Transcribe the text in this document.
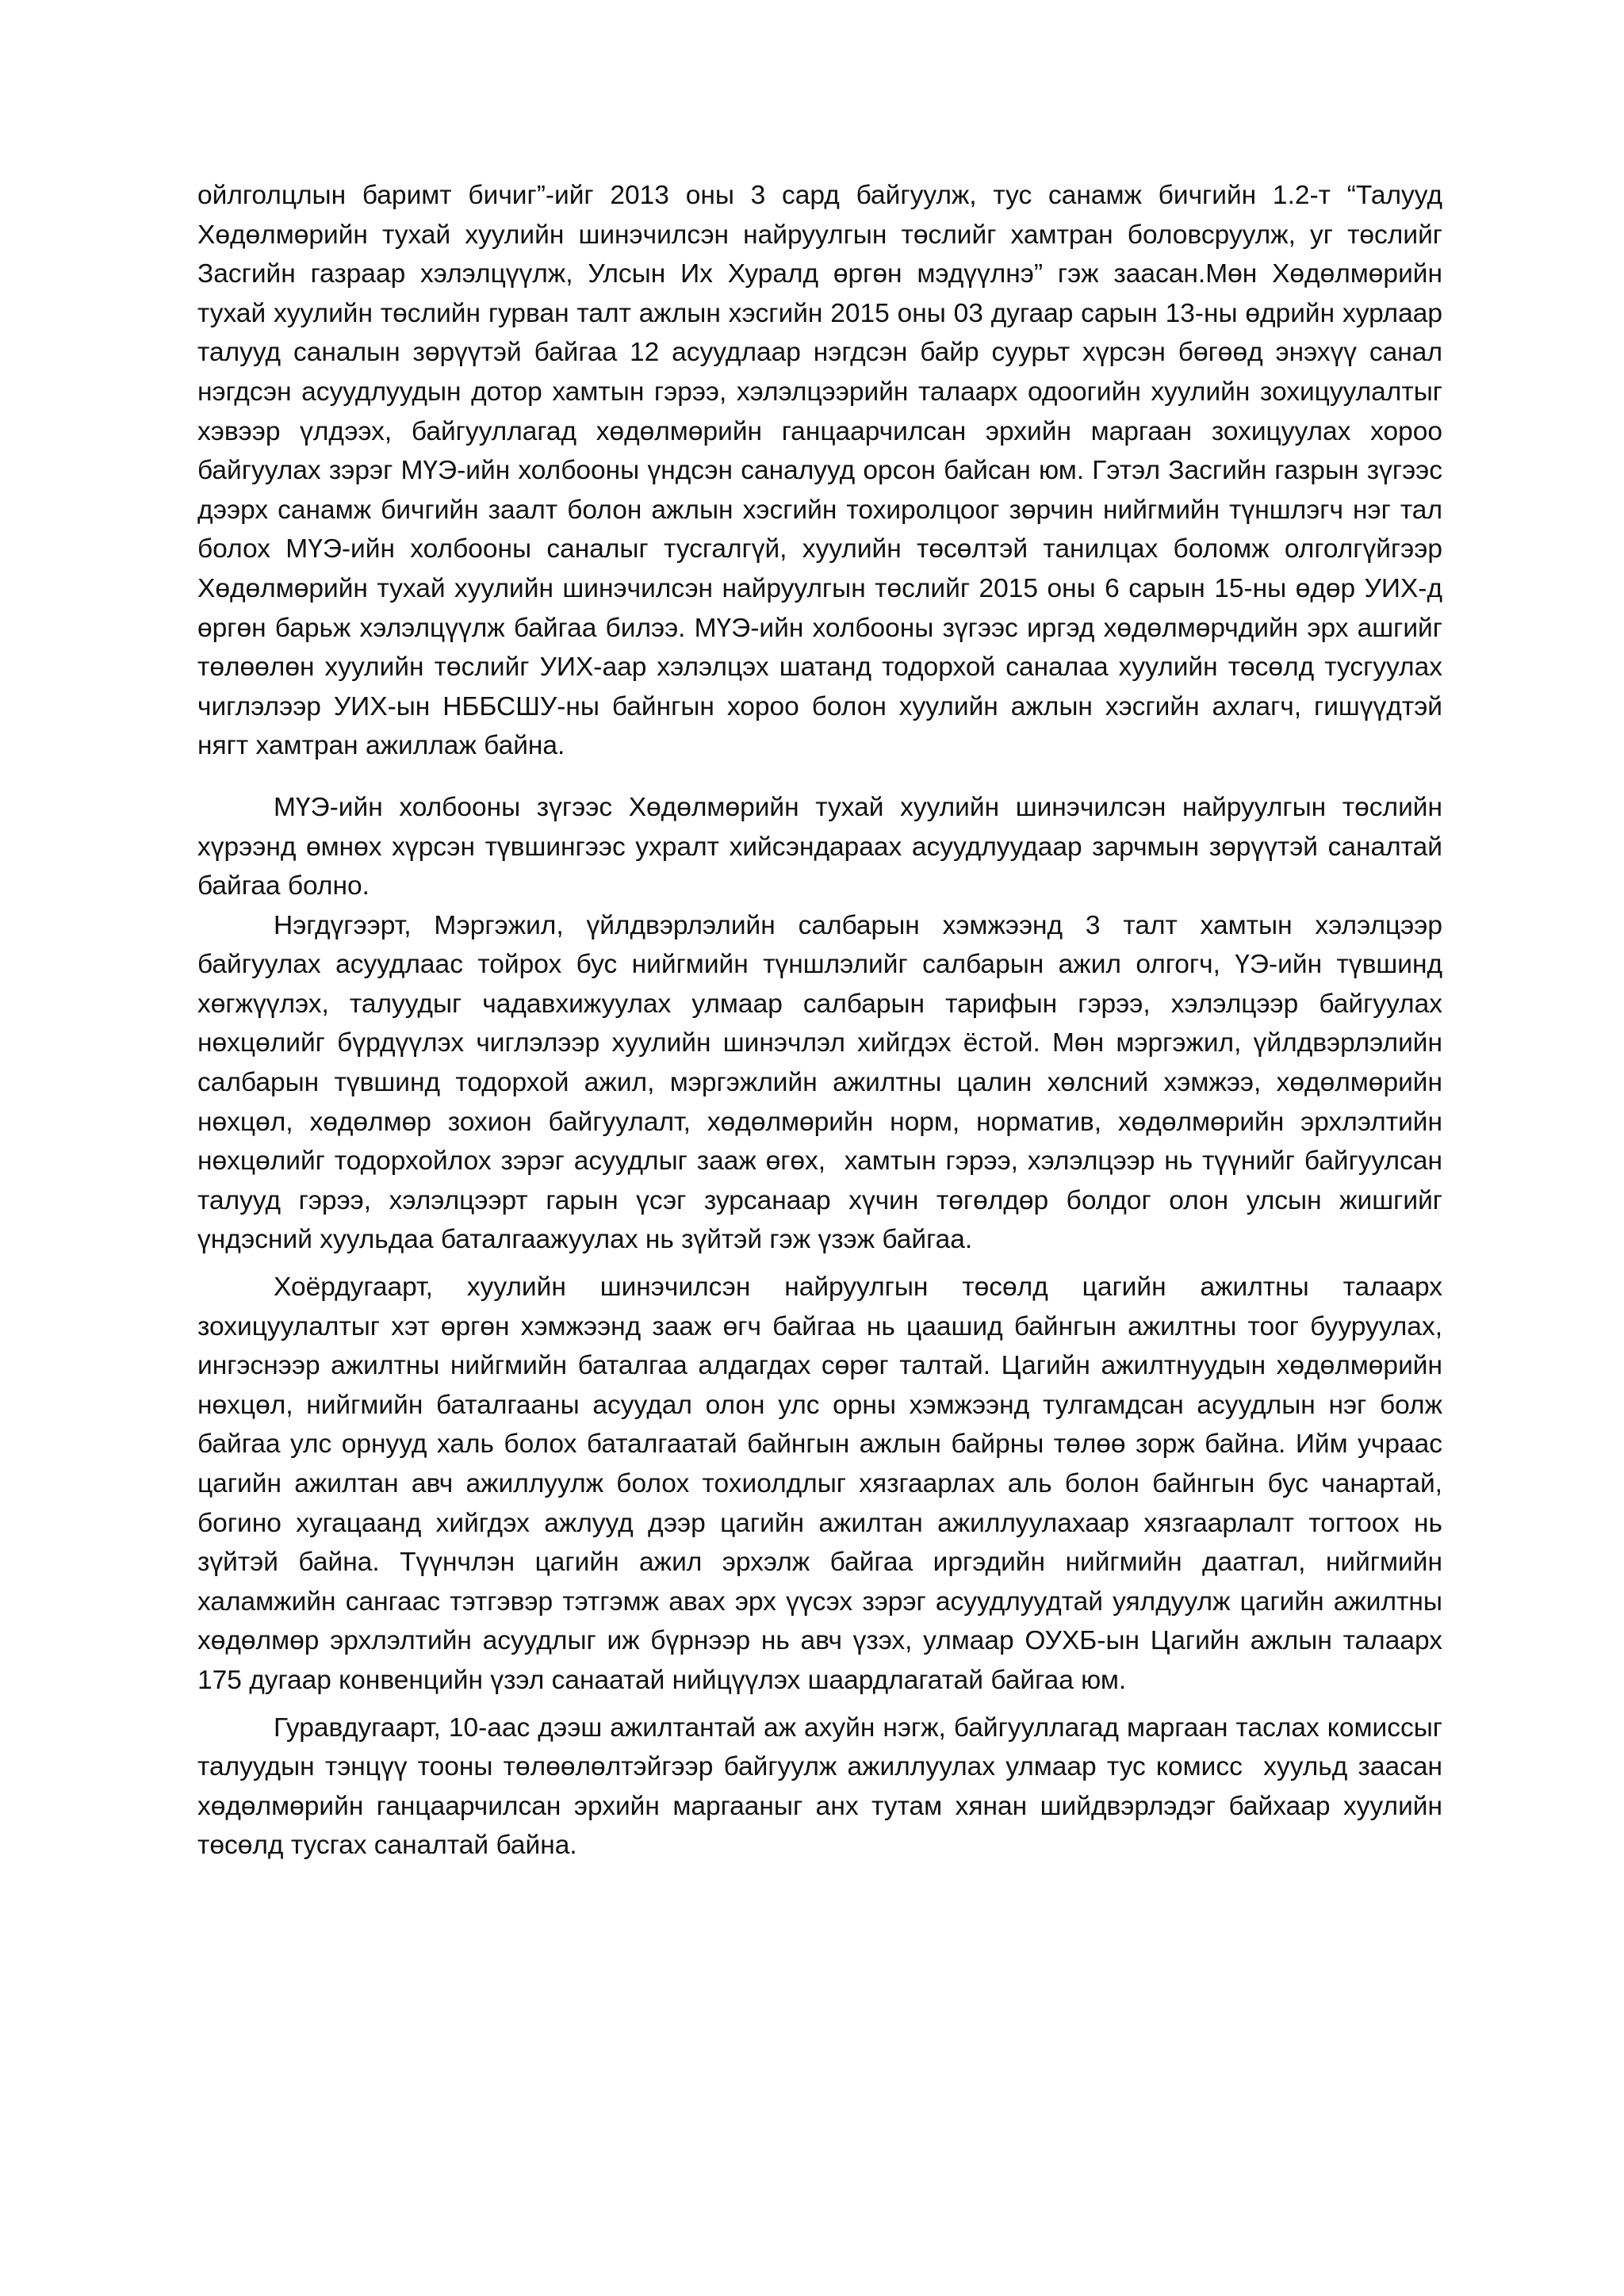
ойлголцлын баримт бичиг”-ийг 2013 оны 3 сард байгуулж, тус санамж бичгийн 1.2-т “Талууд Хөдөлмөрийн тухай хуулийн шинэчилсэн найруулгын төслийг хамтран боловсруулж, уг төслийг Засгийн газраар хэлэлцүүлж, Улсын Их Хуралд өргөн мэдүүлнэ” гэж заасан.Мөн Хөдөлмөрийн тухай хуулийн төслийн гурван талт ажлын хэсгийн 2015 оны 03 дугаар сарын 13-ны өдрийн хурлаар талууд саналын зөрүүтэй байгаа 12 асуудлаар нэгдсэн байр суурьт хүрсэн бөгөөд энэхүү санал нэгдсэн асуудлуудын дотор хамтын гэрээ, хэлэлцээрийн талаарх одоогийн хуулийн зохицуулалтыг хэвээр үлдээх, байгууллагад хөдөлмөрийн ганцаарчилсан эрхийн маргаан зохицуулах хороо байгуулах зэрэг МҮЭ-ийн холбооны үндсэн саналууд орсон байсан юм. Гэтэл Засгийн газрын зүгээс дээрх санамж бичгийн заалт болон ажлын хэсгийн тохиролцоог зөрчин нийгмийн түншлэгч нэг тал болох МҮЭ-ийн холбооны саналыг тусгалгүй, хуулийн төсөлтэй танилцах боломж олголгүйгээр Хөдөлмөрийн тухай хуулийн шинэчилсэн найруулгын төслийг 2015 оны 6 сарын 15-ны өдөр УИХ-д өргөн барьж хэлэлцүүлж байгаа билээ. МҮЭ-ийн холбооны зүгээс иргэд хөдөлмөрчдийн эрх ашгийг төлөөлөн хуулийн төслийг УИХ-аар хэлэлцэх шатанд тодорхой саналаа хуулийн төсөлд тусгуулах чиглэлээр УИХ-ын НББСШУ-ны байнгын хороо болон хуулийн ажлын хэсгийн ахлагч, гишүүдтэй нягт хамтран ажиллаж байна.

МҮЭ-ийн холбооны зүгээс Хөдөлмөрийн тухай хуулийн шинэчилсэн найруулгын төслийн хүрээнд өмнөх хүрсэн түвшингээс ухралт хийсэндараах асуудлуудаар зарчмын зөрүүтэй саналтай байгаа болно.

Нэгдүгээрт, Мэргэжил, үйлдвэрлэлийн салбарын хэмжээнд 3 талт хамтын хэлэлцээр байгуулах асуудлаас тойрох бус нийгмийн түншлэлийг салбарын ажил олгогч, ҮЭ-ийн түвшинд хөгжүүлэх, талуудыг чадавхижуулах улмаар салбарын тарифын гэрээ, хэлэлцээр байгуулах нөхцөлийг бүрдүүлэх чиглэлээр хуулийн шинэчлэл хийгдэх ёстой. Мөн мэргэжил, үйлдвэрлэлийн салбарын түвшинд тодорхой ажил, мэргэжлийн ажилтны цалин хөлсний хэмжээ, хөдөлмөрийн нөхцөл, хөдөлмөр зохион байгуулалт, хөдөлмөрийн норм, норматив, хөдөлмөрийн эрхлэлтийн нөхцөлийг тодорхойлох зэрэг асуудлыг зааж өгөх,  хамтын гэрээ, хэлэлцээр нь түүнийг байгуулсан талууд гэрээ, хэлэлцээрт гарын үсэг зурсанаар хүчин төгөлдөр болдог олон улсын жишгийг үндэсний хуульдаа баталгаажуулах нь зүйтэй гэж үзэж байгаа.

Хоёрдугаарт, хуулийн шинэчилсэн найруулгын төсөлд цагийн ажилтны талаарх зохицуулалтыг хэт өргөн хэмжээнд зааж өгч байгаа нь цаашид байнгын ажилтны тоог бууруулах, ингэснээр ажилтны нийгмийн баталгаа алдагдах сөрөг талтай. Цагийн ажилтнуудын хөдөлмөрийн нөхцөл, нийгмийн баталгааны асуудал олон улс орны хэмжээнд тулгамдсан асуудлын нэг болж байгаа улс орнууд халь болох баталгаатай байнгын ажлын байрны төлөө зорж байна. Ийм учраас цагийн ажилтан авч ажиллуулж болох тохиолдлыг хязгаарлах аль болон байнгын бус чанартай, богино хугацаанд хийгдэх ажлууд дээр цагийн ажилтан ажиллуулахаар хязгаарлалт тогтоох нь зүйтэй байна. Түүнчлэн цагийн ажил эрхэлж байгаа иргэдийн нийгмийн даатгал, нийгмийн халамжийн сангаас тэтгэвэр тэтгэмж авах эрх үүсэх зэрэг асуудлуудтай уялдуулж цагийн ажилтны хөдөлмөр эрхлэлтийн асуудлыг иж бүрнээр нь авч үзэх, улмаар ОУХБ-ын Цагийн ажлын талаарх 175 дугаар конвенцийн үзэл санаатай нийцүүлэх шаардлагатай байгаа юм.

Гуравдугаарт, 10-аас дээш ажилтантай аж ахуйн нэгж, байгууллагад маргаан таслах комиссыг талуудын тэнцүү тооны төлөөлөлтэйгээр байгуулж ажиллуулах улмаар тус комисс  хуульд заасан хөдөлмөрийн ганцаарчилсан эрхийн маргааныг анх тутам хянан шийдвэрлэдэг байхаар хуулийн төсөлд тусгах саналтай байна.
